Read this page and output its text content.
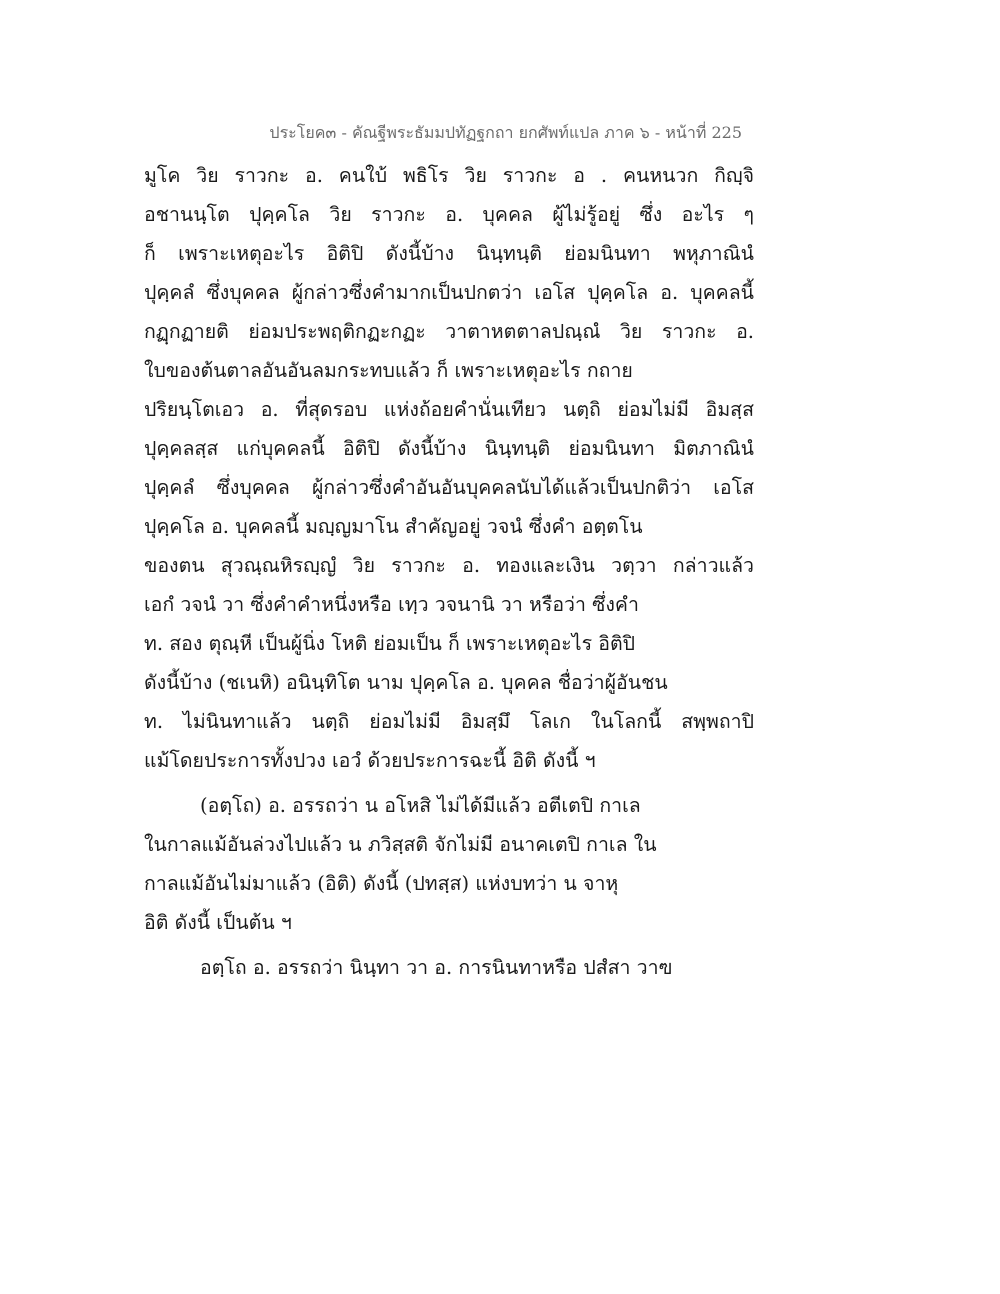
ประโยค๓ - คัณฐีพระธัมมปทัฏฐกถา ยกศัพท์แปล ภาค ๖ - หน้าที่ 225
มูโค วิย ราวกะ อ. คนใบ้ พธิโร วิย ราวกะ อ . คนหนวก กิญฺจิ
อชานนฺโต ปุคฺคโล วิย ราวกะ อ. บุคคล ผู้ไม่รู้อยู่ ซึ่ง อะไร ๆ
ก็ เพราะเหตุอะไร อิติปิ ดังนี้บ้าง นินฺทนฺติ ย่อมนินทา พหุภาณินํ
ปุคฺคลํ ซึ่งบุคคล ผู้กล่าวซึ่งคำมากเป็นปกตว่า เอโส ปุคฺคโล อ. บุคคลนี้
กฏฺกฏายติ ย่อมประพฤติกฏะกฏะ วาตาหตตาลปณฺณํ วิย ราวกะ อ.
ใบของต้นตาลอันอันลมกระทบแล้ว ก็ เพราะเหตุอะไร กถาย
ปริยนฺโตเอว อ. ที่สุดรอบ แห่งถ้อยคำนั่นเทียว นตฺถิ ย่อมไม่มี อิมสฺส
ปุคฺคลสฺส แก่บุคคลนี้ อิติปิ ดังนี้บ้าง นินฺทนฺติ ย่อมนินทา มิตภาณินํ
ปุคฺคลํ ซึ่งบุคคล ผู้กล่าวซึ่งคำอันอันบุคคลนับได้แล้วเป็นปกติว่า เอโส
ปุคฺคโล อ. บุคคลนี้ มญฺญมาโน สำคัญอยู่ วจนํ ซึ่งคำ อตฺตโน
ของตน สุวณฺณหิรญฺญํ วิย ราวกะ อ. ทองและเงิน วตฺวา กล่าวแล้ว
เอกํ วจนํ วา ซึ่งคำคำหนึ่งหรือ เทฺว วจนานิ วา หรือว่า ซึ่งคำ
ท. สอง ตุณฺหี เป็นผู้นิ่ง โหติ ย่อมเป็น ก็ เพราะเหตุอะไร อิติปิ
ดังนี้บ้าง (ชเนหิ) อนินฺทิโต นาม ปุคฺคโล อ. บุคคล ชื่อว่าผู้อันชน
ท. ไม่นินทาแล้ว นตฺถิ ย่อมไม่มี อิมสฺมึ โลเก ในโลกนี้ สพฺพถาปิ
แม้โดยประการทั้งปวง เอวํ ด้วยประการฉะนี้ อิติ ดังนี้ ฯ
(อตฺโถ) อ. อรรถว่า น อโหสิ ไม่ได้มีแล้ว อตีเตปิ กาเล
ในกาลแม้อันล่วงไปแล้ว น ภวิสฺสติ จักไม่มี อนาคเตปิ กาเล ใน
กาลแม้อันไม่มาแล้ว (อิติ) ดังนี้ (ปทสฺส) แห่งบทว่า น จาหุ
อิติ ดังนี้ เป็นต้น ฯ
อตฺโถ อ. อรรถว่า นินฺทา วา อ. การนินทาหรือ ปสํสา วาฃ
